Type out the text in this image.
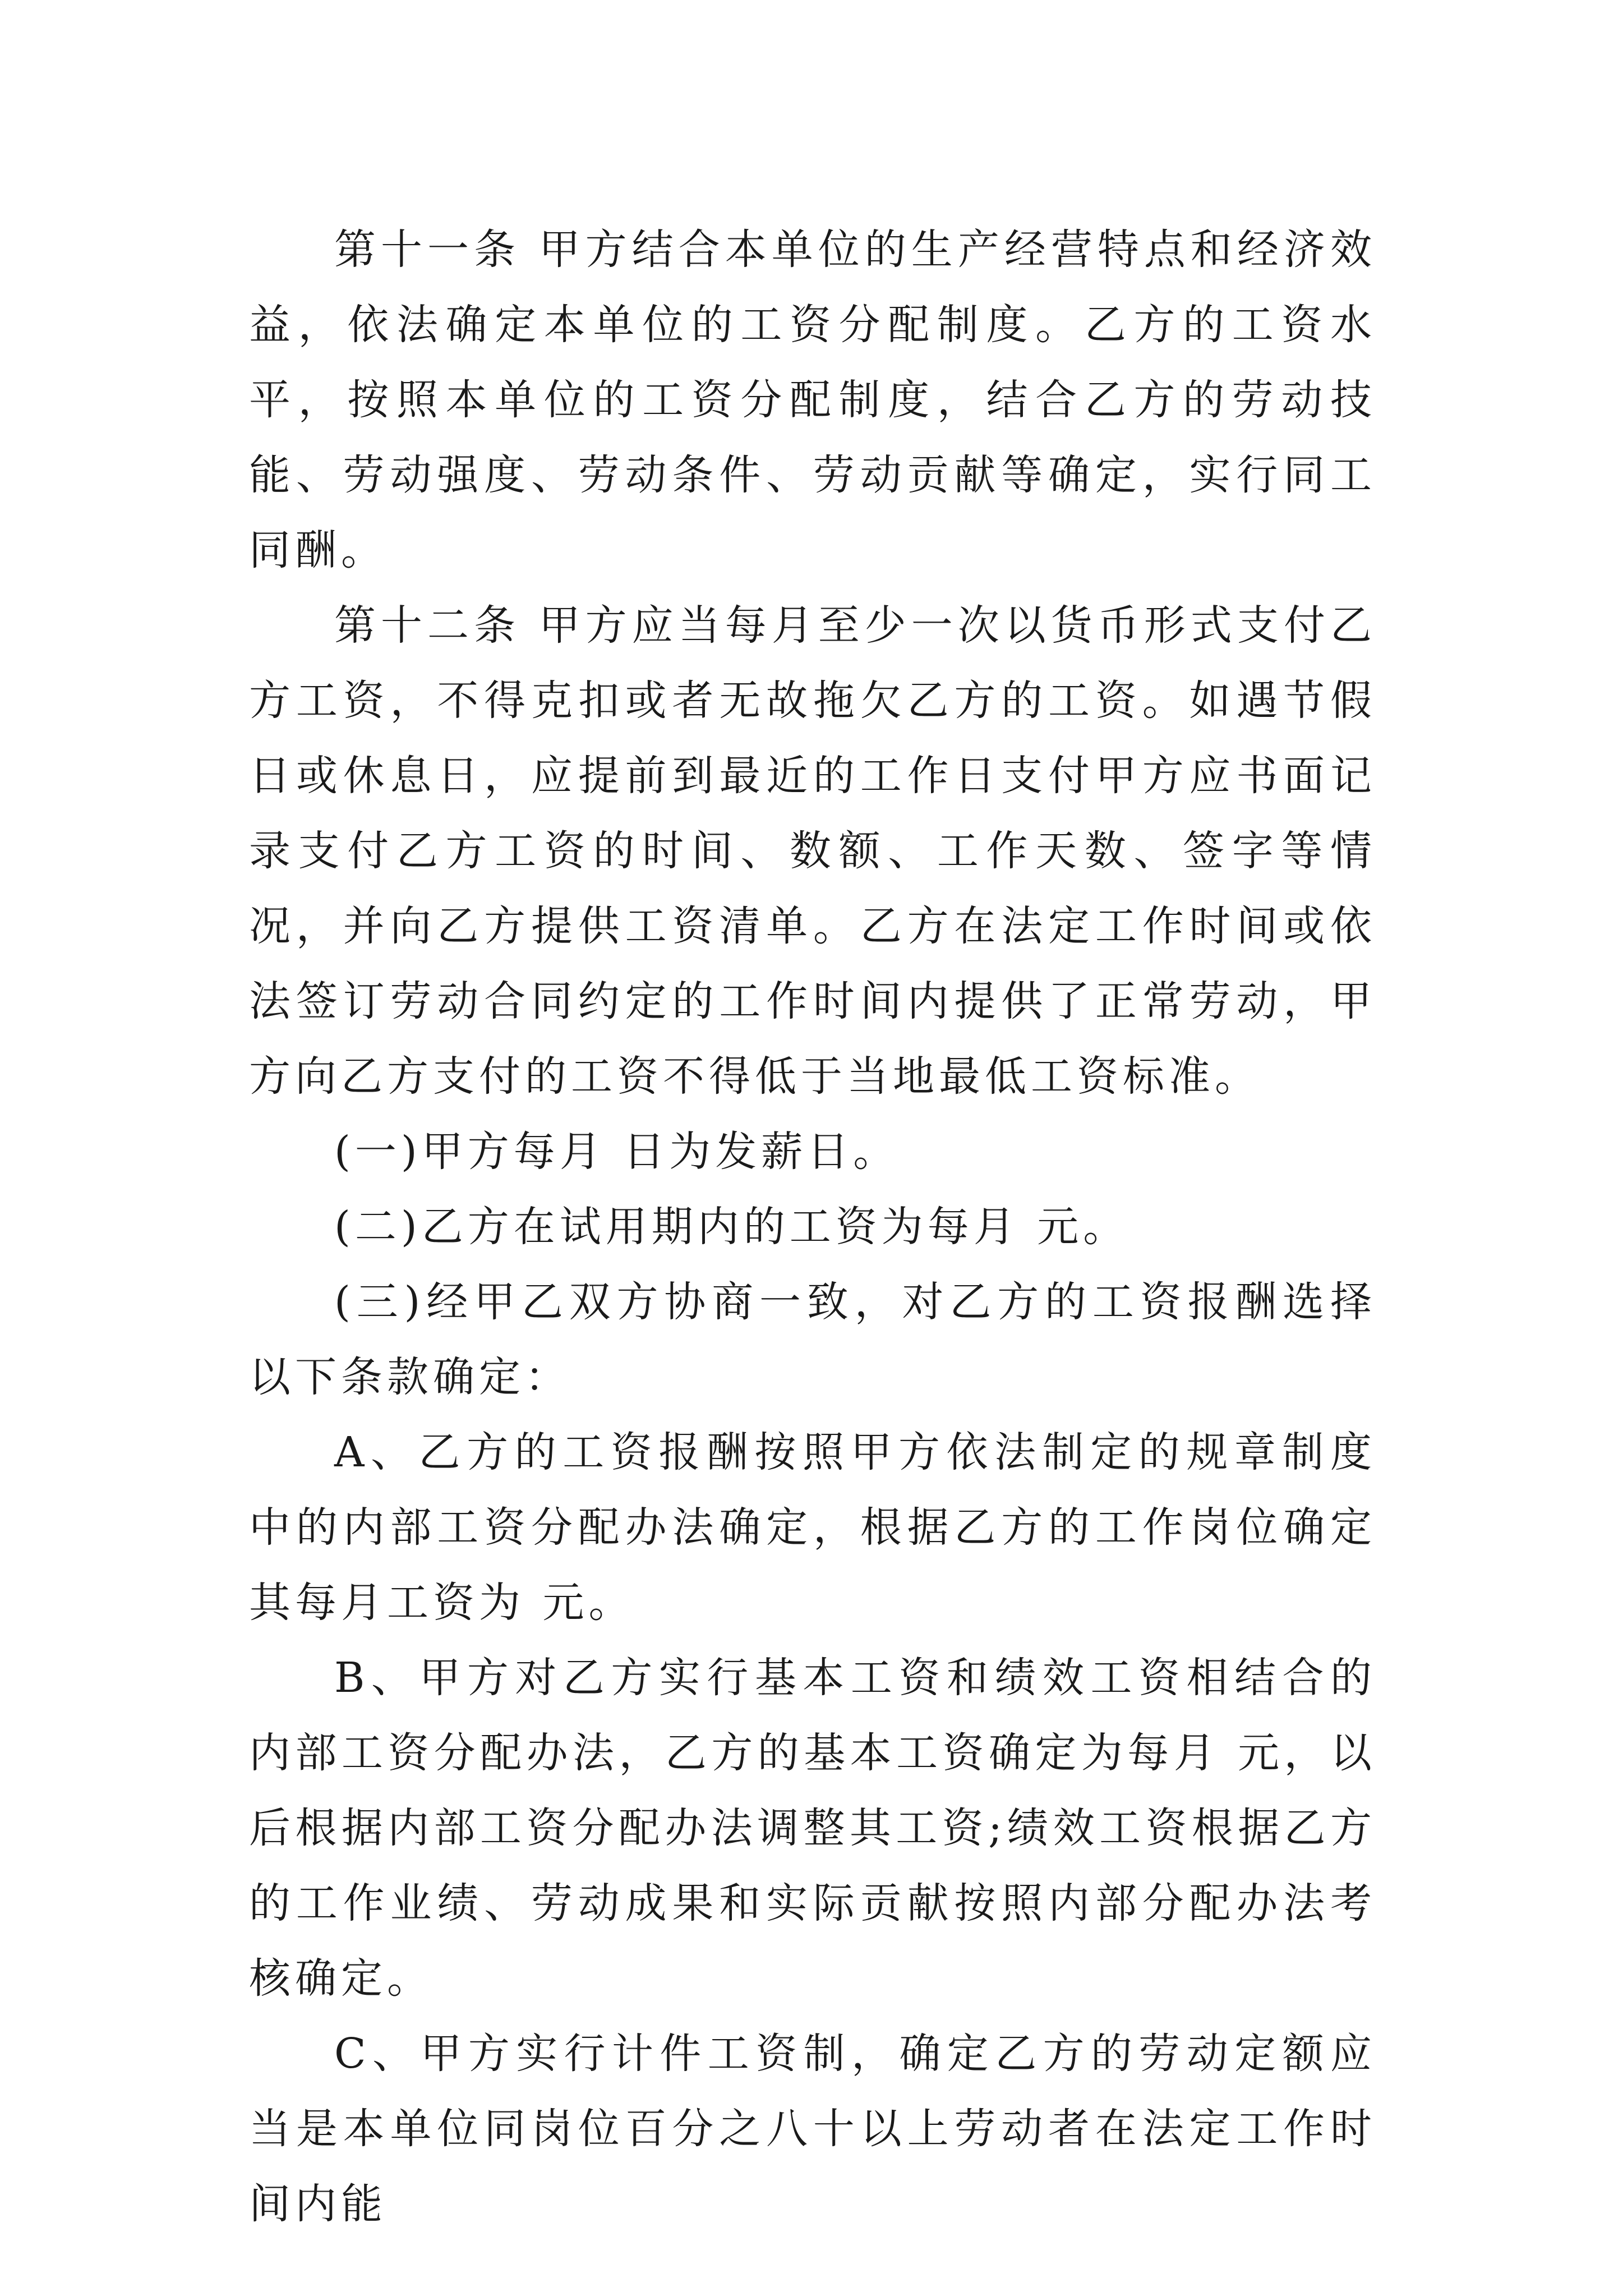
第十一条 甲方结合本单位的生产经营特点和经济效益，依法确定本单位的工资分配制度。乙方的工资水平，按照本单位的工资分配制度，结合乙方的劳动技能、劳动强度、劳动条件、劳动贡献等确定，实行同工同酬。

第十二条 甲方应当每月至少一次以货币形式支付乙方工资，不得克扣或者无故拖欠乙方的工资。如遇节假日或休息日，应提前到最近的工作日支付甲方应书面记录支付乙方工资的时间、数额、工作天数、签字等情况，并向乙方提供工资清单。乙方在法定工作时间或依法签订劳动合同约定的工作时间内提供了正常劳动，甲方向乙方支付的工资不得低于当地最低工资标准。

(一)甲方每月 日为发薪日。

(二)乙方在试用期内的工资为每月 元。

(三)经甲乙双方协商一致，对乙方的工资报酬选择以下条款确定：

A、乙方的工资报酬按照甲方依法制定的规章制度中的内部工资分配办法确定，根据乙方的工作岗位确定其每月工资为 元。

B、甲方对乙方实行基本工资和绩效工资相结合的内部工资分配办法，乙方的基本工资确定为每月 元，以后根据内部工资分配办法调整其工资;绩效工资根据乙方的工作业绩、劳动成果和实际贡献按照内部分配办法考核确定。

C、甲方实行计件工资制，确定乙方的劳动定额应当是本单位同岗位百分之八十以上劳动者在法定工作时间内能
